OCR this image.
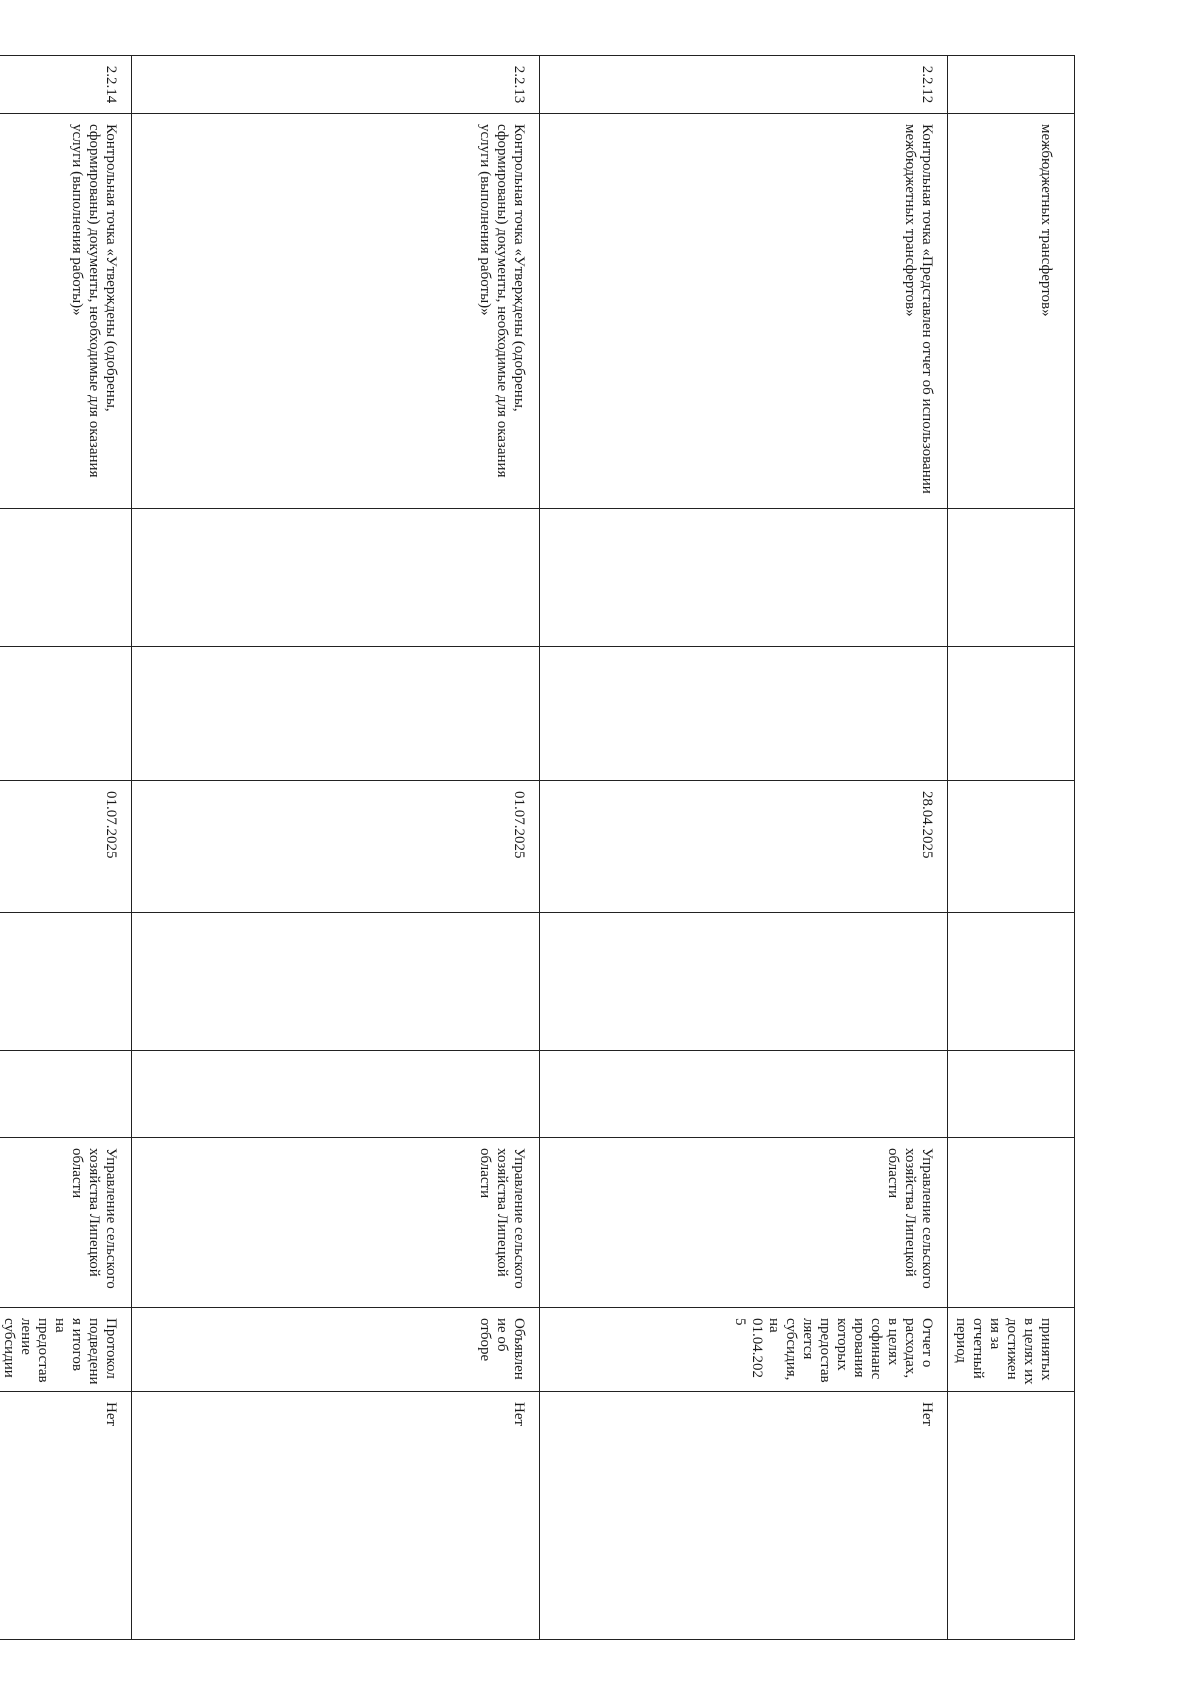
	межбюджетных трансфертов»							принятых в целях их достижения за отчетный период		
2.2.12	Контрольная точка «Представлен отчет об использовании межбюджетных трансфертов»			28.04.2025			Управление сельского хозяйства Липецкой области	Отчет о расходах, в целях софинансирования которых предоставляется субсидия, на 01.04.2025	Нет	
2.2.13	Контрольная точка «Утверждены (одобрены, сформированы) документы, необходимые для оказания услуги (выполнения работы)»			01.07.2025			Управление сельского хозяйства Липецкой области	Объявление об отборе	Нет	
2.2.14	Контрольная точка «Утверждены (одобрены, сформированы) документы, необходимые для оказания услуги (выполнения работы)»			01.07.2025			Управление сельского хозяйства Липецкой области	Протокол подведения итогов на предоставление субсидии	Нет	
